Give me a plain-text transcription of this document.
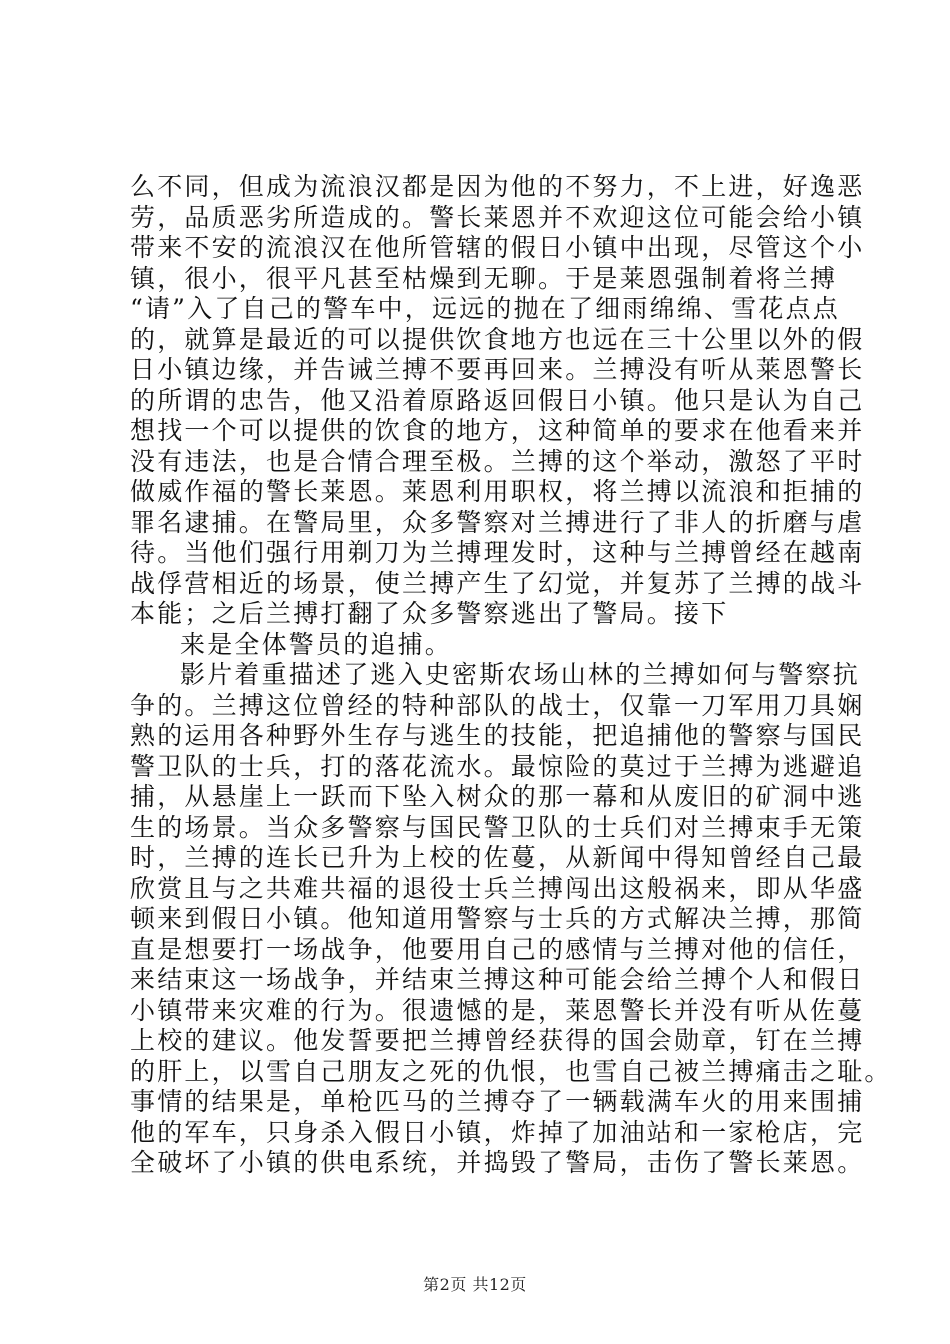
么不同，但成为流浪汉都是因为他的不努力，不上进，好逸恶
劳，品质恶劣所造成的。警长莱恩并不欢迎这位可能会给小镇
带来不安的流浪汉在他所管辖的假日小镇中出现，尽管这个小
镇，很小，很平凡甚至枯燥到无聊。于是莱恩强制着将兰搏
“请”入了自己的警车中，远远的抛在了细雨绵绵、雪花点点
的，就算是最近的可以提供饮食地方也远在三十公里以外的假
日小镇边缘，并告诫兰搏不要再回来。兰搏没有听从莱恩警长
的所谓的忠告，他又沿着原路返回假日小镇。他只是认为自己
想找一个可以提供的饮食的地方，这种简单的要求在他看来并
没有违法，也是合情合理至极。兰搏的这个举动，激怒了平时
做威作福的警长莱恩。莱恩利用职权，将兰搏以流浪和拒捕的
罪名逮捕。在警局里，众多警察对兰搏进行了非人的折磨与虐
待。当他们强行用剃刀为兰搏理发时，这种与兰搏曾经在越南
战俘营相近的场景，使兰搏产生了幻觉，并复苏了兰搏的战斗
本能；之后兰搏打翻了众多警察逃出了警局。接下
来是全体警员的追捕。
影片着重描述了逃入史密斯农场山林的兰搏如何与警察抗
争的。兰搏这位曾经的特种部队的战士，仅靠一刀军用刀具娴
熟的运用各种野外生存与逃生的技能，把追捕他的警察与国民
警卫队的士兵，打的落花流水。最惊险的莫过于兰搏为逃避追
捕，从悬崖上一跃而下坠入树众的那一幕和从废旧的矿洞中逃
生的场景。当众多警察与国民警卫队的士兵们对兰搏束手无策
时，兰搏的连长已升为上校的佐蔓，从新闻中得知曾经自己最
欣赏且与之共难共福的退役士兵兰搏闯出这般祸来，即从华盛
顿来到假日小镇。他知道用警察与士兵的方式解决兰搏，那简
直是想要打一场战争，他要用自己的感情与兰搏对他的信任，
来结束这一场战争，并结束兰搏这种可能会给兰搏个人和假日
小镇带来灾难的行为。很遗憾的是，莱恩警长并没有听从佐蔓
上校的建议。他发誓要把兰搏曾经获得的国会勋章，钉在兰搏
的肝上，以雪自己朋友之死的仇恨，也雪自己被兰搏痛击之耻。
事情的结果是，单枪匹马的兰搏夺了一辆载满车火的用来围捕
他的军车，只身杀入假日小镇，炸掉了加油站和一家枪店，完
全破坏了小镇的供电系统，并捣毁了警局，击伤了警长莱恩。
第2页 共12页
